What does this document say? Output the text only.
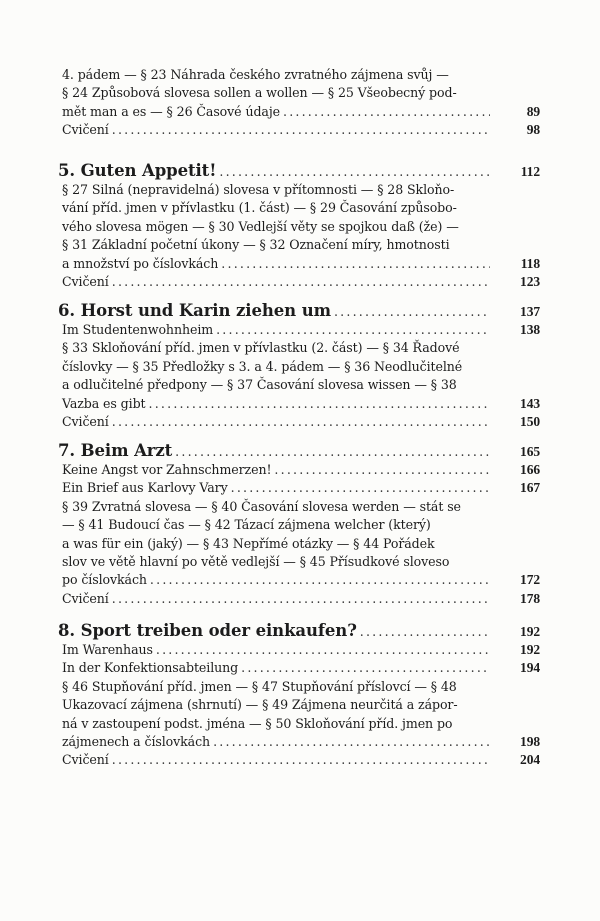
4. pádem — § 23 Náhrada českého zvratného zájmena svůj —
§ 24 Způsobová slovesa sollen a wollen — § 25 Všeobecný pod-
mět man a es — § 26 Časové údaje .....	89
Cvičení .....	98
5. Guten Appetit! .....	112
§ 27 Silná (nepravidelná) slovesa v přítomnosti — § 28 Skloňo-
vání příd. jmen v přívlastku (1. část) — § 29 Časování způsobo-
vého slovesa mögen — § 30 Vedlejší věty se spojkou daß (že) —
§ 31 Základní početní úkony — § 32 Označení míry, hmotnosti
a množství po číslovkách .....	118
Cvičení .....	123
6. Horst und Karin ziehen um .....	137
Im Studentenwohnheim .....	138
§ 33 Skloňování příd. jmen v přívlastku (2. část) — § 34 Řadové
číslovky — § 35 Předložky s 3. a 4. pádem — § 36 Neodlučitelné
a odlučitelné předpony — § 37 Časování slovesa wissen — § 38
Vazba es gibt .....	143
Cvičení .....	150
7. Beim Arzt .....	165
Keine Angst vor Zahnschmerzen! .....	166
Ein Brief aus Karlovy Vary .....	167
§ 39 Zvratná slovesa — § 40 Časování slovesa werden — stát se
— § 41 Budoucí čas — § 42 Tázací zájmena welcher (který)
a was für ein (jaký) — § 43 Nepřímé otázky — § 44 Pořádek
slov ve větě hlavní po větě vedlejší — § 45 Přísudkové sloveso
po číslovkách .....	172
Cvičení .....	178
8. Sport treiben oder einkaufen? .....	192
Im Warenhaus .....	192
In der Konfektionsabteilung .....	194
§ 46 Stupňování příd. jmen — § 47 Stupňování příslovcí — § 48
Ukazovací zájmena (shrnutí) — § 49 Zájmena neurčitá a zápor-
ná v zastoupení podst. jména — § 50 Skloňování příd. jmen po
zájmenech a číslovkách .....	198
Cvičení .....	204
